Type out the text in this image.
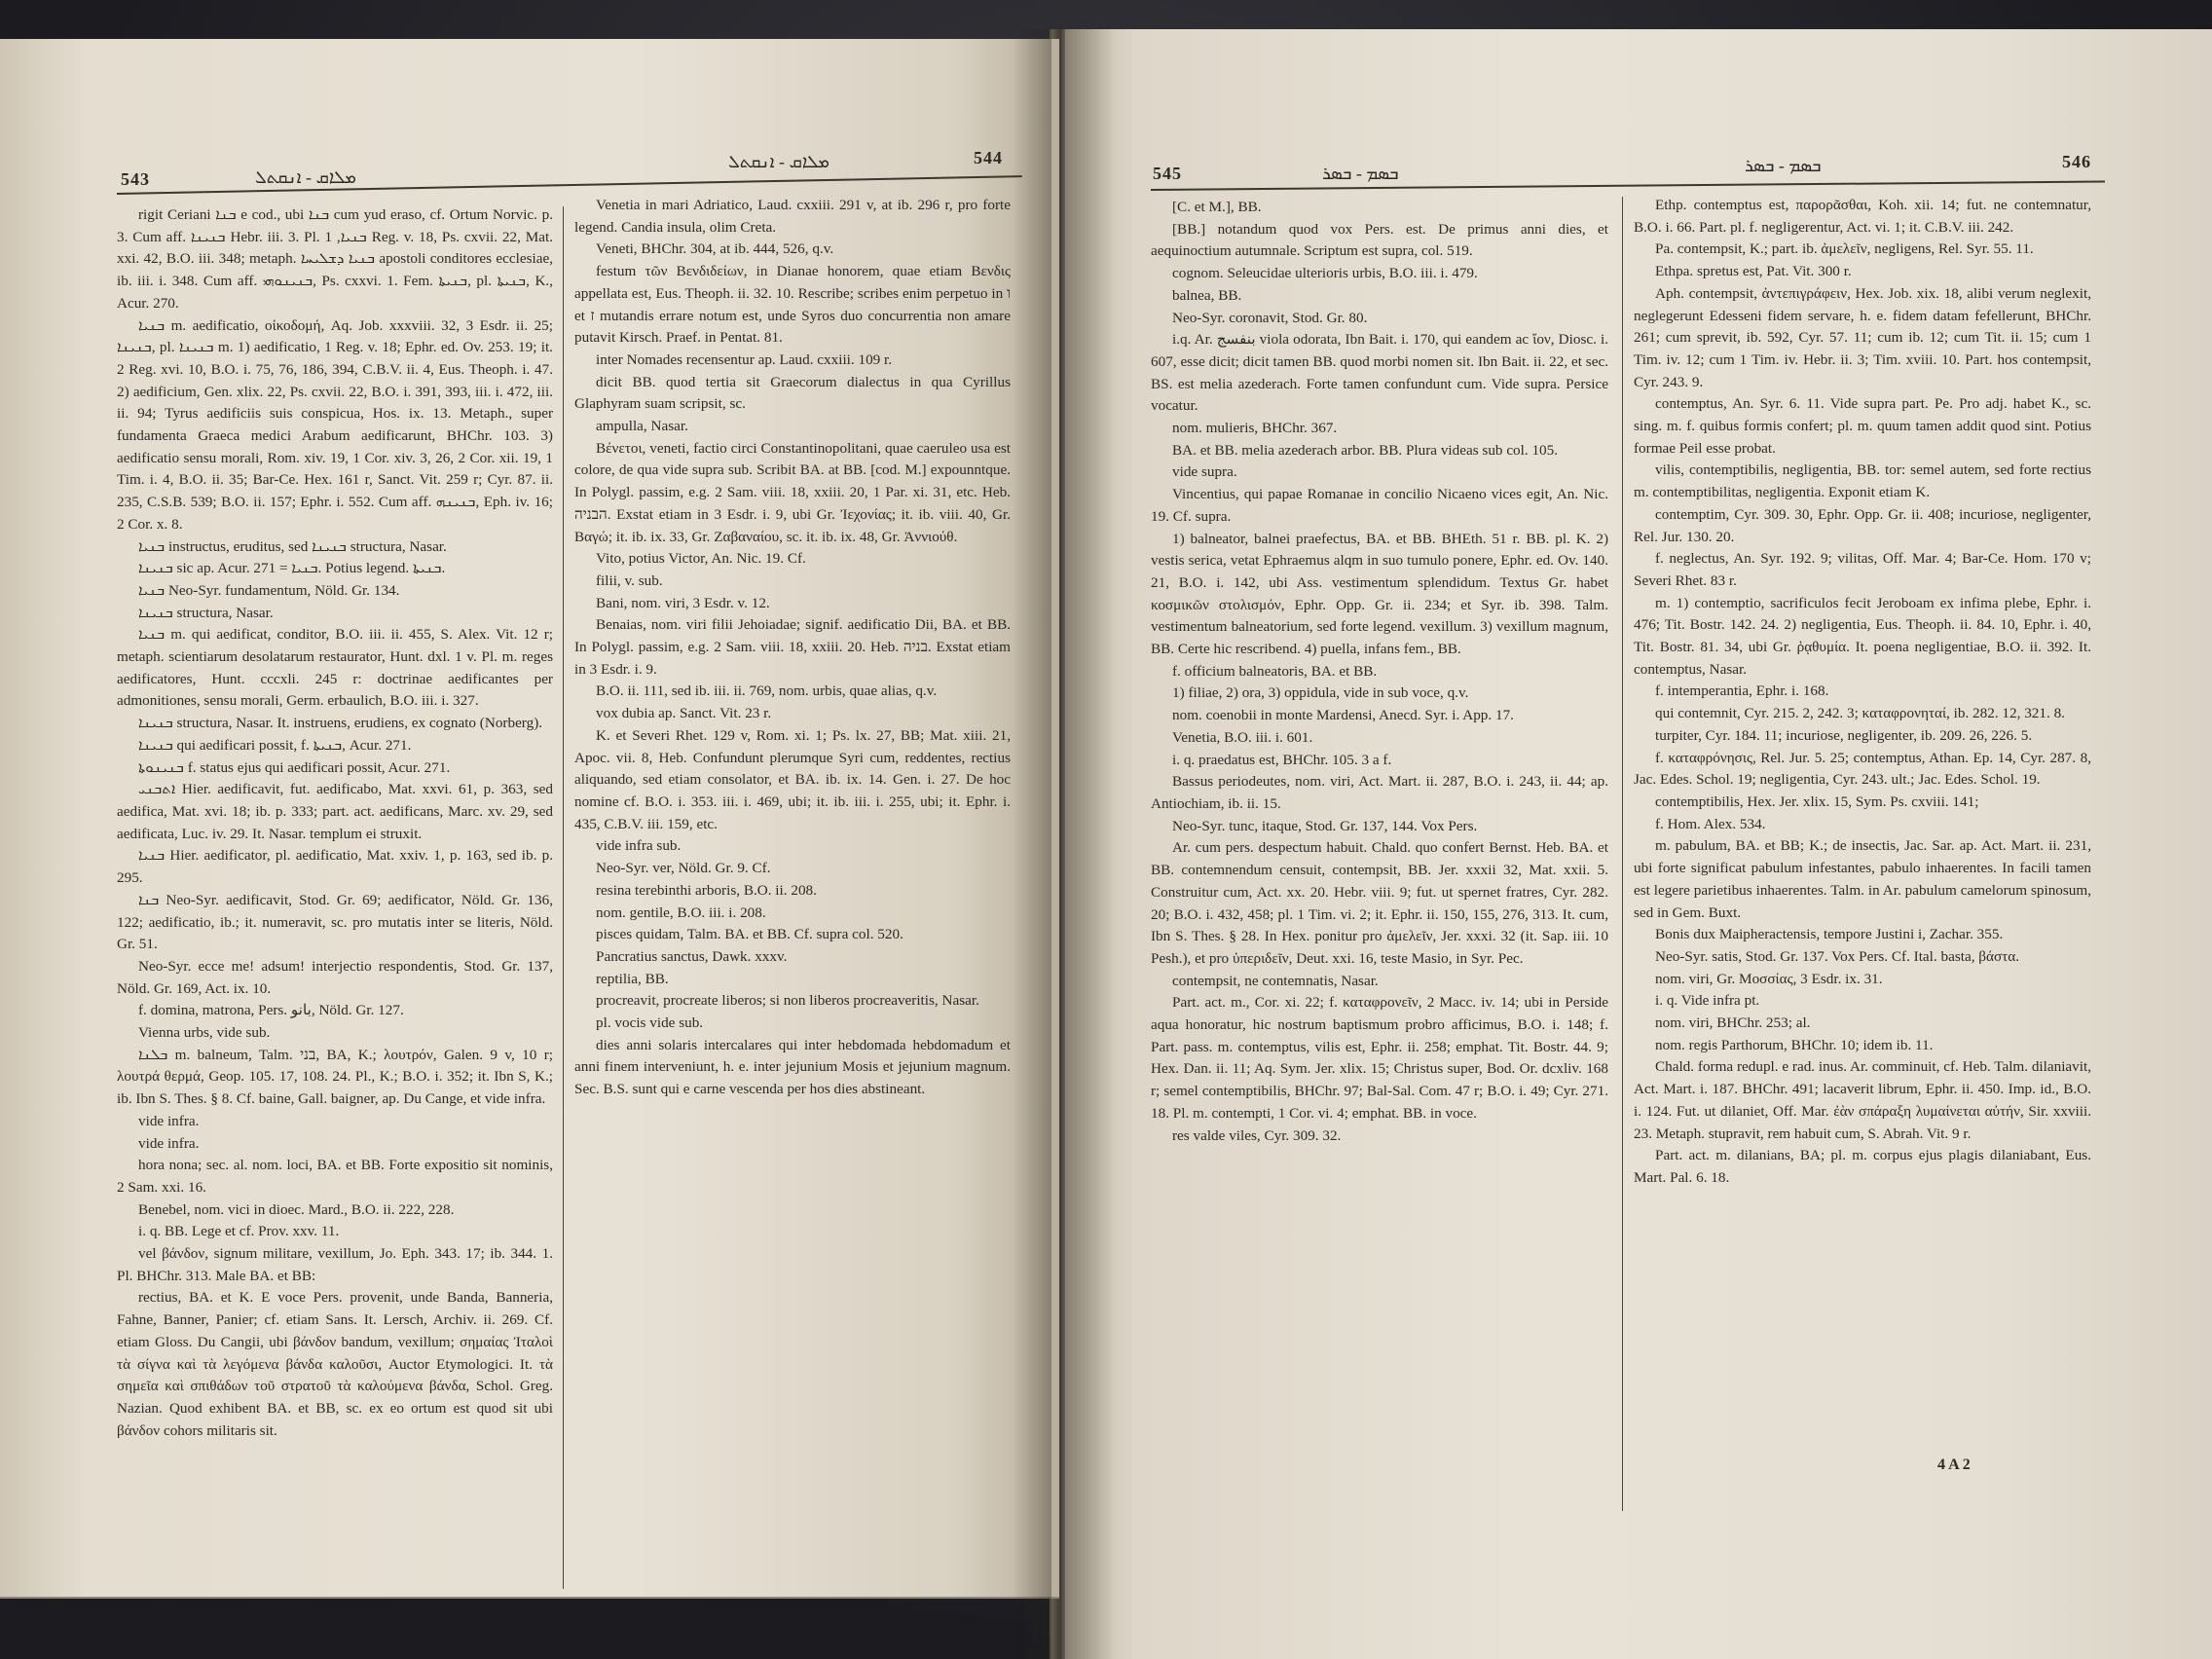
543	ܡܠܐܩ - ܐܢܩܬܠ
ܡܠܐܩ - ܐܢܩܬܠ	544

rigit Ceriani ܒܢܐ e cod., ubi ܒܢܐ cum yud eraso, cf. Ortum Norvic. p. 3. Cum aff. ܒܢܝܢܐ Hebr. iii. 3. Pl. ܒܢܝܐ, 1 Reg. v. 18, Ps. cxvii. 22, Mat. xxi. 42, B.O. iii. 348; metaph. ܒܢܝܐ ܕܫܠܝܚܐ apostoli conditores ecclesiae, ib. iii. i. 348. Cum aff. ܒܢܝܢܘܗܝ, Ps. cxxvi. 1. Fem. ܒܢܝܬܐ, pl. ܒܢܝܬܐ, K., Acur. 270.

ܒܢܝܐ m. aedificatio, οἰκοδομή, Aq. Job. xxxviii. 32, 3 Esdr. ii. 25; ܒܢܝܢܐ, pl. ܒܢܝܢܐ m. 1) aedificatio, 1 Reg. v. 18; Ephr. ed. Ov. 253. 19; it. 2 Reg. xvi. 10, B.O. i. 75, 76, 186, 394, C.B.V. ii. 4, Eus. Theoph. i. 47. 2) aedificium, Gen. xlix. 22, Ps. cxvii. 22, B.O. i. 391, 393, iii. i. 472, iii. ii. 94; Tyrus aedificiis suis conspicua, Hos. ix. 13. Metaph., super fundamenta Graeca medici Arabum aedificarunt, BHChr. 103. 3) aedificatio sensu morali, Rom. xiv. 19, 1 Cor. xiv. 3, 26, 2 Cor. xii. 19, 1 Tim. i. 4, B.O. ii. 35; Bar-Ce. Hex. 161 r, Sanct. Vit. 259 r; Cyr. 87. ii. 235, C.S.B. 539; B.O. ii. 157; Ephr. i. 552. Cum aff. ܒܢܝܢܗ, Eph. iv. 16; 2 Cor. x. 8.

ܒܢܝܐ instructus, eruditus, sed ܒܢܝܢܐ structura, Nasar.

ܒܢܝܢܐ sic ap. Acur. 271 = ܒܢܝܐ. Potius legend. ܒܢܝܬܐ.

ܒܢܝܐ Neo-Syr. fundamentum, Nöld. Gr. 134.

ܒܢܝܢܐ structura, Nasar.

ܒܢܝܐ m. qui aedificat, conditor, B.O. iii. ii. 455, S. Alex. Vit. 12 r; metaph. scientiarum desolatarum restaurator, Hunt. dxl. 1 v. Pl. m. reges aedificatores, Hunt. cccxli. 245 r: doctrinae aedificantes per admonitiones, sensu morali, Germ. erbaulich, B.O. iii. i. 327.

ܒܢܝܢܐ structura, Nasar. It. instruens, erudiens, ex cognato (Norberg).

ܒܢܝܢܐ qui aedificari possit, f. ܒܢܝܬܐ, Acur. 271.

ܒܢܝܢܘܬܐ f. status ejus qui aedificari possit, Acur. 271.

ܐܬܒܢܝ Hier. aedificavit, fut. aedificabo, Mat. xxvi. 61, p. 363, sed aedifica, Mat. xvi. 18; ib. p. 333; part. act. aedificans, Marc. xv. 29, sed aedificata, Luc. iv. 29. It. Nasar. templum ei struxit.

ܒܢܝܐ Hier. aedificator, pl. aedificatio, Mat. xxiv. 1, p. 163, sed ib. p. 295.

ܒܢܐ Neo-Syr. aedificavit, Stod. Gr. 69; aedificator, Nöld. Gr. 136, 122; aedificatio, ib.; it. numeravit, sc. pro mutatis inter se literis, Nöld. Gr. 51.

Neo-Syr. ecce me! adsum! interjectio respondentis, Stod. Gr. 137, Nöld. Gr. 169, Act. ix. 10.

f. domina, matrona, Pers. بانو, Nöld. Gr. 127.

Vienna urbs, vide sub.

ܒܠܢܐ m. balneum, Talm. בני, BA, K.; λουτρόν, Galen. 9 v, 10 r; λουτρά θερμά, Geop. 105. 17, 108. 24. Pl., K.; B.O. i. 352; it. Ibn S, K.; ib. Ibn S. Thes. § 8. Cf. baine, Gall. baigner, ap. Du Cange, et vide infra.

vide infra.

vide infra.

hora nona; sec. al. nom. loci, BA. et BB. Forte expositio sit nominis, 2 Sam. xxi. 16.

Benebel, nom. vici in dioec. Mard., B.O. ii. 222, 228.

i. q. BB. Lege et cf. Prov. xxv. 11.

vel βάνδον, signum militare, vexillum, Jo. Eph. 343. 17; ib. 344. 1. Pl. BHChr. 313. Male BA. et BB:

rectius, BA. et K. E voce Pers. provenit, unde Banda, Banneria, Fahne, Banner, Panier; cf. etiam Sans. It. Lersch, Archiv. ii. 269. Cf. etiam Gloss. Du Cangii, ubi βάνδον bandum, vexillum; σημαίας Ἰταλοὶ τὰ σίγνα καὶ τὰ λεγόμενα βάνδα καλοῦσι, Auctor Etymologici. It. τὰ σημεῖα καὶ σπιθάδων τοῦ στρατοῦ τὰ καλούμενα βάνδα, Schol. Greg. Nazian. Quod exhibent BA. et BB, sc. ex eo ortum est quod sit ubi βάνδον cohors militaris sit.

Venetia in mari Adriatico, Laud. cxxiii. 291 v, at ib. 296 r, pro forte legend. Candia insula, olim Creta.

Veneti, BHChr. 304, at ib. 444, 526, q.v.

festum τῶν Βενδιδείων, in Dianae honorem, quae etiam Βενδις appellata est, Eus. Theoph. ii. 32. 10. Rescribe; scribes enim perpetuo in ו et ז mutandis errare notum est, unde Syros duo concurrentia non amare putavit Kirsch. Praef. in Pentat. 81.

inter Nomades recensentur ap. Laud. cxxiii. 109 r.

dicit BB. quod tertia sit Graecorum dialectus in qua Cyrillus Glaphyram suam scripsit, sc.

ampulla, Nasar.

Βένετοι, veneti, factio circi Constantinopolitani, quae caeruleo usa est colore, de qua vide supra sub. Scribit BA. at BB. [cod. M.] expounntque. In Polygl. passim, e.g. 2 Sam. viii. 18, xxiii. 20, 1 Par. xi. 31, etc. Heb. הבניה. Exstat etiam in 3 Esdr. i. 9, ubi Gr. Ἰεχονίας; it. ib. viii. 40, Gr. Βαγώ; it. ib. ix. 33, Gr. Ζαβαναίου, sc. it. ib. ix. 48, Gr. Ἀννιούθ.

Vito, potius Victor, An. Nic. 19. Cf.

filii, v. sub.

Bani, nom. viri, 3 Esdr. v. 12.

Benaias, nom. viri filii Jehoiadae; signif. aedificatio Dii, BA. et BB. In Polygl. passim, e.g. 2 Sam. viii. 18, xxiii. 20. Heb. בניה. Exstat etiam in 3 Esdr. i. 9.

B.O. ii. 111, sed ib. iii. ii. 769, nom. urbis, quae alias, q.v.

vox dubia ap. Sanct. Vit. 23 r.

K. et Severi Rhet. 129 v, Rom. xi. 1; Ps. lx. 27, BB; Mat. xiii. 21, Apoc. vii. 8, Heb. Confundunt plerumque Syri cum, reddentes, rectius aliquando, sed etiam consolator, et BA. ib. ix. 14. Gen. i. 27. De hoc nomine cf. B.O. i. 353. iii. i. 469, ubi; it. ib. iii. i. 255, ubi; it. Ephr. i. 435, C.B.V. iii. 159, etc.

vide infra sub.

Neo-Syr. ver, Nöld. Gr. 9. Cf.

resina terebinthi arboris, B.O. ii. 208.

nom. gentile, B.O. iii. i. 208.

pisces quidam, Talm. BA. et BB. Cf. supra col. 520.

Pancratius sanctus, Dawk. xxxv.

reptilia, BB.

procreavit, procreate liberos; si non liberos procreaveritis, Nasar.

pl. vocis vide sub.

dies anni solaris intercalares qui inter hebdomada hebdomadum et anni finem interveniunt, h. e. inter jejunium Mosis et jejunium magnum. Sec. B.S. sunt qui e carne vescenda per hos dies abstineant.

545	ܒܣܡ - ܒܣܪ	ܒܣܡ - ܒܣܪ	546

[C. et M.], BB.

[BB.] notandum quod vox Pers. est. De primus anni dies, et aequinoctium autumnale. Scriptum est supra, col. 519.

cognom. Seleucidae ulterioris urbis, B.O. iii. i. 479.

balnea, BB.

Neo-Syr. coronavit, Stod. Gr. 80.

i.q. Ar. بنفسج viola odorata, Ibn Bait. i. 170, qui eandem ac ἴον, Diosc. i. 607, esse dicit; dicit tamen BB. quod morbi nomen sit. Ibn Bait. ii. 22, et sec. BS. est melia azederach. Forte tamen confundunt cum. Vide supra. Persice vocatur.

nom. mulieris, BHChr. 367.

BA. et BB. melia azederach arbor. BB. Plura videas sub col. 105.

vide supra.

Vincentius, qui papae Romanae in concilio Nicaeno vices egit, An. Nic. 19. Cf. supra.

1) balneator, balnei praefectus, BA. et BB. BHEth. 51 r. BB. pl. K. 2) vestis serica, vetat Ephraemus alqm in suo tumulo ponere, Ephr. ed. Ov. 140. 21, B.O. i. 142, ubi Ass. vestimentum splendidum. Textus Gr. habet κοσμικῶν στολισμόν, Ephr. Opp. Gr. ii. 234; et Syr. ib. 398. Talm. vestimentum balneatorium, sed forte legend. vexillum. 3) vexillum magnum, BB. Certe hic rescribend. 4) puella, infans fem., BB.

f. officium balneatoris, BA. et BB.

1) filiae, 2) ora, 3) oppidula, vide in sub voce, q.v.

nom. coenobii in monte Mardensi, Anecd. Syr. i. App. 17.

Venetia, B.O. iii. i. 601.

i. q. praedatus est, BHChr. 105. 3 a f.

Bassus periodeutes, nom. viri, Act. Mart. ii. 287, B.O. i. 243, ii. 44; ap. Antiochiam, ib. ii. 15.

Neo-Syr. tunc, itaque, Stod. Gr. 137, 144. Vox Pers.

Ar. cum pers. despectum habuit. Chald. quo confert Bernst. Heb. BA. et BB. contemnendum censuit, contempsit, BB. Jer. xxxii 32, Mat. xxii. 5. Construitur cum, Act. xx. 20. Hebr. viii. 9; fut. ut spernet fratres, Cyr. 282. 20; B.O. i. 432, 458; pl. 1 Tim. vi. 2; it. Ephr. ii. 150, 155, 276, 313. It. cum, Ibn S. Thes. § 28. In Hex. ponitur pro ἀμελεῖν, Jer. xxxi. 32 (it. Sap. iii. 10 Pesh.), et pro ὑπεριδεῖν, Deut. xxi. 16, teste Masio, in Syr. Pec.

contempsit, ne contemnatis, Nasar.

Part. act. m., Cor. xi. 22; f. καταφρονεῖν, 2 Macc. iv. 14; ubi in Perside aqua honoratur, hic nostrum baptismum probro afficimus, B.O. i. 148; f. Part. pass. m. contemptus, vilis est, Ephr. ii. 258; emphat. Tit. Bostr. 44. 9; Hex. Dan. ii. 11; Aq. Sym. Jer. xlix. 15; Christus super, Bod. Or. dcxliv. 168 r; semel contemptibilis, BHChr. 97; Bal-Sal. Com. 47 r; B.O. i. 49; Cyr. 271. 18. Pl. m. contempti, 1 Cor. vi. 4; emphat. BB. in voce.

res valde viles, Cyr. 309. 32.

Ethp. contemptus est, παρορᾶσθαι, Koh. xii. 14; fut. ne contemnatur, B.O. i. 66. Part. pl. f. negligerentur, Act. vi. 1; it. C.B.V. iii. 242.

Pa. contempsit, K.; part. ib. ἀμελεῖν, negligens, Rel. Syr. 55. 11.

Ethpa. spretus est, Pat. Vit. 300 r.

Aph. contempsit, ἀντεπιγράφειν, Hex. Job. xix. 18, alibi verum neglexit, neglegerunt Edesseni fidem servare, h. e. fidem datam fefellerunt, BHChr. 261; cum sprevit, ib. 592, Cyr. 57. 11; cum ib. 12; cum Tit. ii. 15; cum 1 Tim. iv. 12; cum 1 Tim. iv. Hebr. ii. 3; Tim. xviii. 10. Part. hos contempsit, Cyr. 243. 9.

contemptus, An. Syr. 6. 11. Vide supra part. Pe. Pro adj. habet K., sc. sing. m. f. quibus formis confert; pl. m. quum tamen addit quod sint. Potius formae Peil esse probat.

vilis, contemptibilis, negligentia, BB. tor: semel autem, sed forte rectius m. contemptibilitas, negligentia. Exponit etiam K.

contemptim, Cyr. 309. 30, Ephr. Opp. Gr. ii. 408; incuriose, negligenter, Rel. Jur. 130. 20.

f. neglectus, An. Syr. 192. 9; vilitas, Off. Mar. 4; Bar-Ce. Hom. 170 v; Severi Rhet. 83 r.

m. 1) contemptio, sacrificulos fecit Jeroboam ex infima plebe, Ephr. i. 476; Tit. Bostr. 142. 24. 2) negligentia, Eus. Theoph. ii. 84. 10, Ephr. i. 40, Tit. Bostr. 81. 34, ubi Gr. ῥᾳθυμία. It. poena negligentiae, B.O. ii. 392. It. contemptus, Nasar.

f. intemperantia, Ephr. i. 168.

qui contemnit, Cyr. 215. 2, 242. 3; καταφρονηταί, ib. 282. 12, 321. 8.

turpiter, Cyr. 184. 11; incuriose, negligenter, ib. 209. 26, 226. 5.

f. καταφρόνησις, Rel. Jur. 5. 25; contemptus, Athan. Ep. 14, Cyr. 287. 8, Jac. Edes. Schol. 19; negligentia, Cyr. 243. ult.; Jac. Edes. Schol. 19.

contemptibilis, Hex. Jer. xlix. 15, Sym. Ps. cxviii. 141;

f. Hom. Alex. 534.

m. pabulum, BA. et BB; K.; de insectis, Jac. Sar. ap. Act. Mart. ii. 231, ubi forte significat pabulum infestantes, pabulo inhaerentes. In facili tamen est legere parietibus inhaerentes. Talm. in Ar. pabulum camelorum spinosum, sed in Gem. Buxt.

Bonis dux Maipheractensis, tempore Justini i, Zachar. 355.

Neo-Syr. satis, Stod. Gr. 137. Vox Pers. Cf. Ital. basta, βάστα.

nom. viri, Gr. Μοσσίας, 3 Esdr. ix. 31.

i. q. Vide infra pt.

nom. viri, BHChr. 253; al.

nom. regis Parthorum, BHChr. 10; idem ib. 11.

Chald. forma redupl. e rad. inus. Ar. comminuit, cf. Heb. Talm. dilaniavit, Act. Mart. i. 187. BHChr. 491; lacaverit librum, Ephr. ii. 450. Imp. id., B.O. i. 124. Fut. ut dilaniet, Off. Mar. ἐὰν σπάραξη λυμαίνεται αὐτήν, Sir. xxviii. 23. Metaph. stupravit, rem habuit cum, S. Abrah. Vit. 9 r.

Part. act. m. dilanians, BA; pl. m. corpus ejus plagis dilaniabant, Eus. Mart. Pal. 6. 18.

4 A 2
